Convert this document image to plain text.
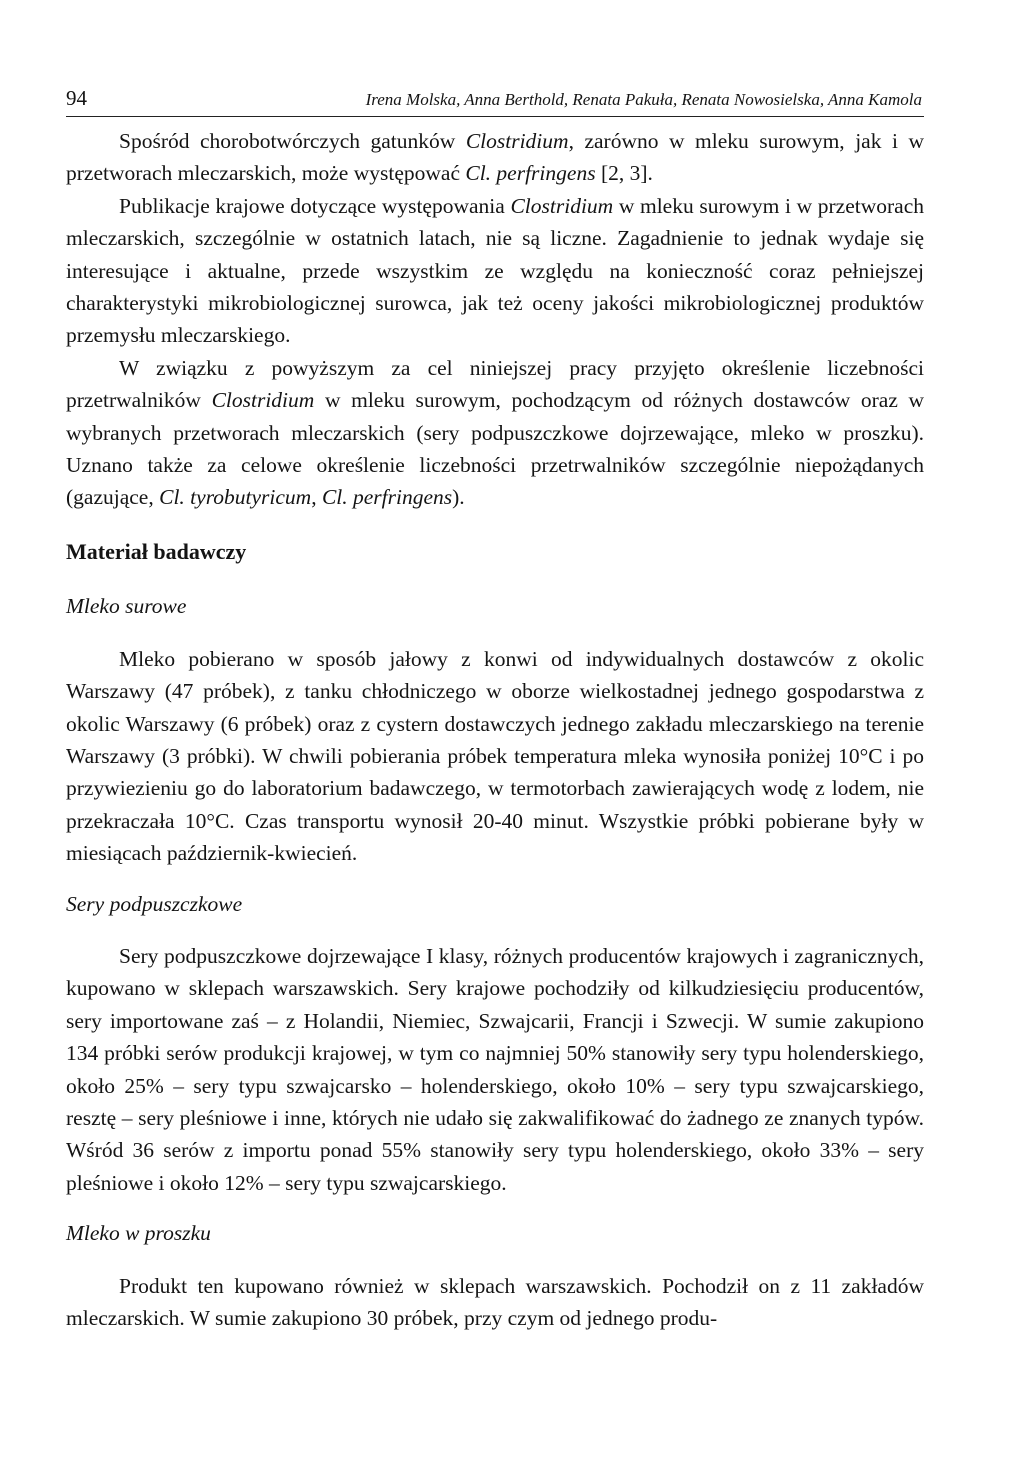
94	Irena Molska, Anna Berthold, Renata Pakuła, Renata Nowosielska, Anna Kamola

Spośród chorobotwórczych gatunków Clostridium, zarówno w mleku surowym, jak i w przetworach mleczarskich, może występować Cl. perfringens [2, 3].

Publikacje krajowe dotyczące występowania Clostridium w mleku surowym i w przetworach mleczarskich, szczególnie w ostatnich latach, nie są liczne. Zagadnienie to jednak wydaje się interesujące i aktualne, przede wszystkim ze względu na konieczność coraz pełniejszej charakterystyki mikrobiologicznej surowca, jak też oceny jakości mikrobiologicznej produktów przemysłu mleczarskiego.

W związku z powyższym za cel niniejszej pracy przyjęto określenie liczebności przetrwalników Clostridium w mleku surowym, pochodzącym od różnych dostawców oraz w wybranych przetworach mleczarskich (sery podpuszczkowe dojrzewające, mleko w proszku). Uznano także za celowe określenie liczebności przetrwalników szczególnie niepożądanych (gazujące, Cl. tyrobutyricum, Cl. perfringens).

Materiał badawczy
Mleko surowe

Mleko pobierano w sposób jałowy z konwi od indywidualnych dostawców z okolic Warszawy (47 próbek), z tanku chłodniczego w oborze wielkostadnej jednego gospodarstwa z okolic Warszawy (6 próbek) oraz z cystern dostawczych jednego zakładu mleczarskiego na terenie Warszawy (3 próbki). W chwili pobierania próbek temperatura mleka wynosiła poniżej 10°C i po przywiezieniu go do laboratorium badawczego, w termotorbach zawierających wodę z lodem, nie przekraczała 10°C. Czas transportu wynosił 20-40 minut. Wszystkie próbki pobierane były w miesiącach październik-kwiecień.

Sery podpuszczkowe

Sery podpuszczkowe dojrzewające I klasy, różnych producentów krajowych i zagranicznych, kupowano w sklepach warszawskich. Sery krajowe pochodziły od kilkudziesięciu producentów, sery importowane zaś – z Holandii, Niemiec, Szwajcarii, Francji i Szwecji. W sumie zakupiono 134 próbki serów produkcji krajowej, w tym co najmniej 50% stanowiły sery typu holenderskiego, około 25% – sery typu szwajcarsko – holenderskiego, około 10% – sery typu szwajcarskiego, resztę – sery pleśniowe i inne, których nie udało się zakwalifikować do żadnego ze znanych typów. Wśród 36 serów z importu ponad 55% stanowiły sery typu holenderskiego, około 33% – sery pleśniowe i około 12% – sery typu szwajcarskiego.

Mleko w proszku

Produkt ten kupowano również w sklepach warszawskich. Pochodził on z 11 zakładów mleczarskich. W sumie zakupiono 30 próbek, przy czym od jednego produ-
